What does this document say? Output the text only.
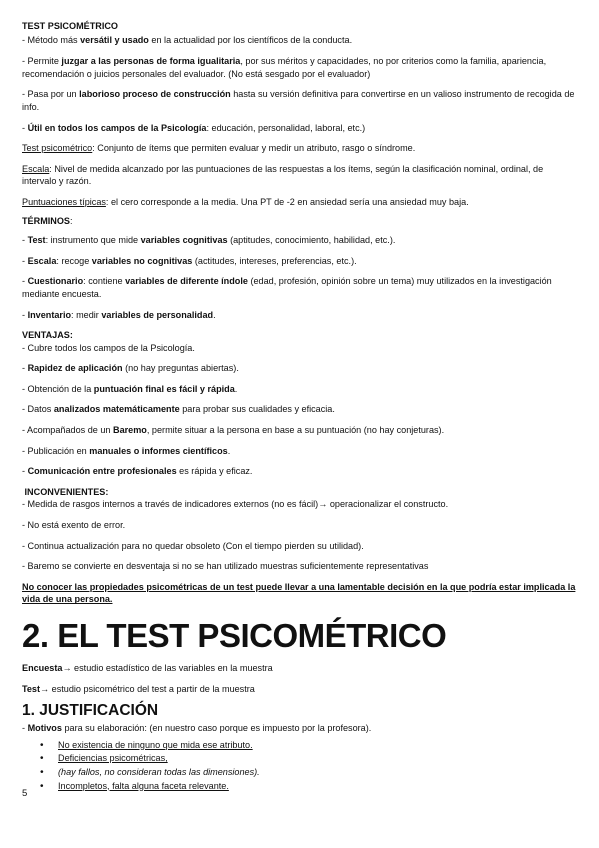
TEST PSICOMÉTRICO

- Método más versátil y usado en la actualidad por los científicos de la conducta.

- Permite juzgar a las personas de forma igualitaria, por sus méritos y capacidades, no por criterios como la familia, apariencia, recomendación o juicios personales del evaluador. (No está sesgado por el evaluador)

- Pasa por un laborioso proceso de construcción hasta su versión definitiva para convertirse en un valioso instrumento de recogida de info.

- Útil en todos los campos de la Psicología: educación, personalidad, laboral, etc.)

Test psicométrico: Conjunto de ítems que permiten evaluar y medir un atributo, rasgo o síndrome.

Escala: Nivel de medida alcanzado por las puntuaciones de las respuestas a los ítems, según la clasificación nominal, ordinal, de intervalo y razón.

Puntuaciones típicas: el cero corresponde a la media. Una PT de -2 en ansiedad sería una ansiedad muy baja.

TÉRMINOS:

- Test: instrumento que mide variables cognitivas (aptitudes, conocimiento, habilidad, etc.).

- Escala: recoge variables no cognitivas (actitudes, intereses, preferencias, etc.).

- Cuestionario: contiene variables de diferente índole (edad, profesión, opinión sobre un tema) muy utilizados en la investigación mediante encuesta.

- Inventario: medir variables de personalidad.

VENTAJAS:

- Cubre todos los campos de la Psicología.

- Rapidez de aplicación (no hay preguntas abiertas).

- Obtención de la puntuación final es fácil y rápida.

- Datos analizados matemáticamente para probar sus cualidades y eficacia.

- Acompañados de un Baremo, permite situar a la persona en base a su puntuación (no hay conjeturas).

- Publicación en manuales o informes científicos.

- Comunicación entre profesionales es rápida y eficaz.

INCONVENIENTES:

- Medida de rasgos internos a través de indicadores externos (no es fácil)→ operacionalizar el constructo.

- No está exento de error.

- Continua actualización para no quedar obsoleto (Con el tiempo pierden su utilidad).

- Baremo se convierte en desventaja si no se han utilizado muestras suficientemente representativas

No conocer las propiedades psicométricas de un test puede llevar a una lamentable decisión en la que podría estar implicada la vida de una persona.

2. EL TEST PSICOMÉTRICO

Encuesta→ estudio estadístico de las variables en la muestra

Test→ estudio psicométrico del test a partir de la muestra

1. JUSTIFICACIÓN

- Motivos para su elaboración: (en nuestro caso porque es impuesto por la profesora).

• No existencia de ninguno que mida ese atributo.
• Deficiencias psicométricas,
• (hay fallos, no consideran todas las dimensiones).
• Incompletos, falta alguna faceta relevante.
5
